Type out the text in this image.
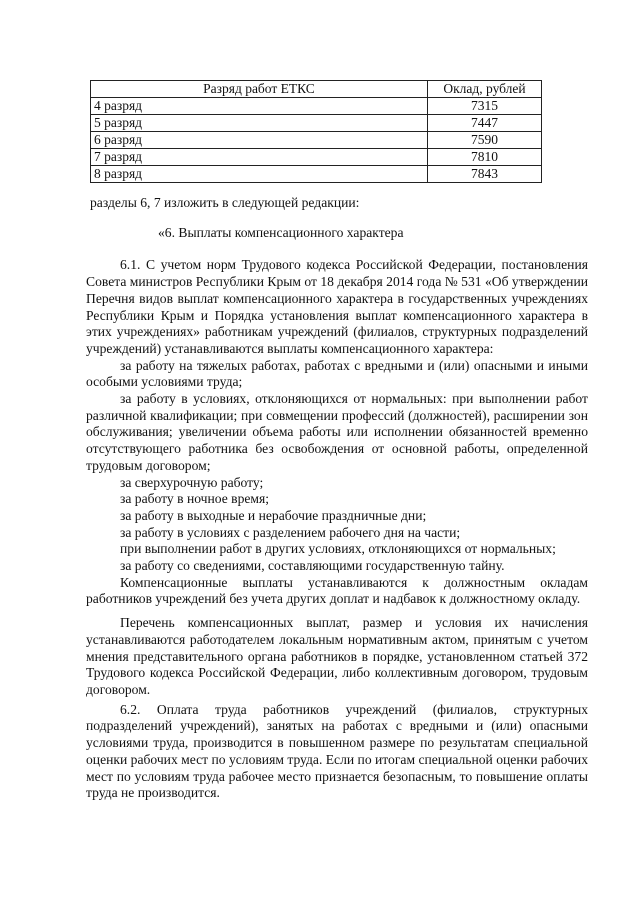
Разряд работ ЕТКС	Оклад, рублей
4 разряд	7315
5 разряд	7447
6 разряд	7590
7 разряд	7810
8 разряд	7843

разделы 6, 7 изложить в следующей редакции:

«6. Выплаты компенсационного характера

6.1. С учетом норм Трудового кодекса Российской Федерации, постановления Совета министров Республики Крым от 18 декабря 2014 года № 531 «Об утверждении Перечня видов выплат компенсационного характера в государственных учреждениях Республики Крым и Порядка установления выплат компенсационного характера в этих учреждениях» работникам учреждений (филиалов, структурных подразделений учреждений) устанавливаются выплаты компенсационного характера:

за работу на тяжелых работах, работах с вредными и (или) опасными и иными особыми условиями труда;

за работу в условиях, отклоняющихся от нормальных: при выполнении работ различной квалификации; при совмещении профессий (должностей), расширении зон обслуживания; увеличении объема работы или исполнении обязанностей временно отсутствующего работника без освобождения от основной работы, определенной трудовым договором;

за сверхурочную работу;

за работу в ночное время;

за работу в выходные и нерабочие праздничные дни;

за работу в условиях с разделением рабочего дня на части;

при выполнении работ в других условиях, отклоняющихся от нормальных;

за работу со сведениями, составляющими государственную тайну.

Компенсационные выплаты устанавливаются к должностным окладам работников учреждений без учета других доплат и надбавок к должностному окладу.

Перечень компенсационных выплат, размер и условия их начисления устанавливаются работодателем локальным нормативным актом, принятым с учетом мнения представительного органа работников в порядке, установленном статьей 372 Трудового кодекса Российской Федерации, либо коллективным договором, трудовым договором.

6.2. Оплата труда работников учреждений (филиалов, структурных подразделений учреждений), занятых на работах с вредными и (или) опасными условиями труда, производится в повышенном размере по результатам специальной оценки рабочих мест по условиям труда. Если по итогам специальной оценки рабочих мест по условиям труда рабочее место признается безопасным, то повышение оплаты труда не производится.
